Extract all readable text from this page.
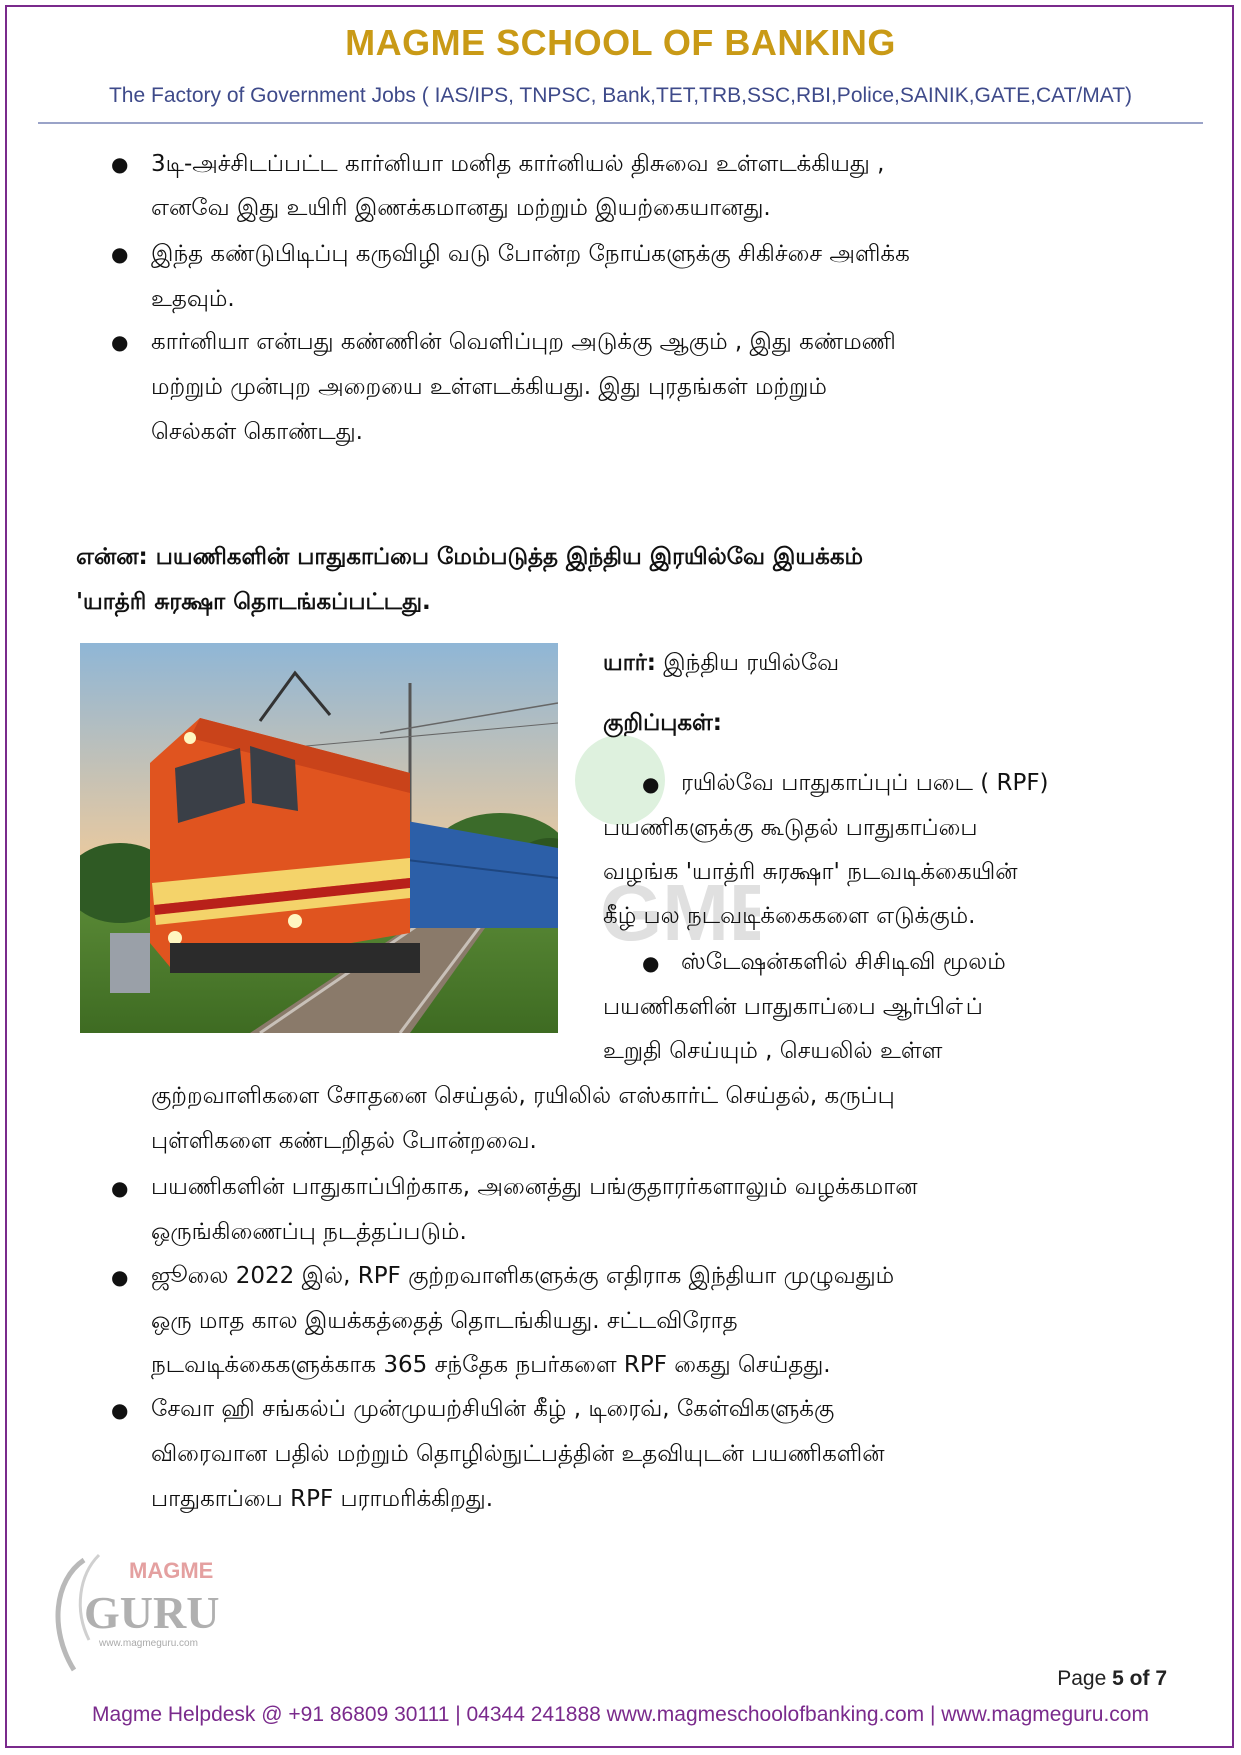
MAGME SCHOOL OF BANKING
The Factory of Government Jobs ( IAS/IPS, TNPSC, Bank,TET,TRB,SSC,RBI,Police,SAINIK,GATE,CAT/MAT)
● 3டி-அச்சிடப்பட்ட கார்னியா மனித கார்னியல் திசுவை உள்ளடக்கியது ,
எனவே இது உயிரி இணக்கமானது மற்றும் இயற்கையானது.
● இந்த கண்டுபிடிப்பு கருவிழி வடு போன்ற நோய்களுக்கு சிகிச்சை அளிக்க
உதவும்.
● கார்னியா என்பது கண்ணின் வெளிப்புற அடுக்கு ஆகும் , இது கண்மணி
மற்றும் முன்புற அறையை உள்ளடக்கியது. இது புரதங்கள் மற்றும்
செல்கள் கொண்டது.
என்ன: பயணிகளின் பாதுகாப்பை மேம்படுத்த இந்திய இரயில்வே இயக்கம்
'யாத்ரி சுரக்ஷா தொடங்கப்பட்டது.
GME
யார்: இந்திய ரயில்வே
குறிப்புகள்:
● ரயில்வே பாதுகாப்புப் படை ( RPF)
பயணிகளுக்கு கூடுதல் பாதுகாப்பை
வழங்க 'யாத்ரி சுரக்ஷா' நடவடிக்கையின்
கீழ் பல நடவடிக்கைகளை எடுக்கும்.
● ஸ்டேஷன்களில் சிசிடிவி மூலம்
பயணிகளின் பாதுகாப்பை ஆர்பிஎ்ப்
உறுதி செய்யும் , செயலில் உள்ள
குற்றவாளிகளை சோதனை செய்தல், ரயிலில் எஸ்கார்ட் செய்தல், கருப்பு
புள்ளிகளை கண்டறிதல் போன்றவை.
● பயணிகளின் பாதுகாப்பிற்காக, அனைத்து பங்குதாரர்களாலும் வழக்கமான
ஒருங்கிணைப்பு நடத்தப்படும்.
● ஜூலை 2022 இல், RPF குற்றவாளிகளுக்கு எதிராக இந்தியா முழுவதும்
ஒரு மாத கால இயக்கத்தைத் தொடங்கியது. சட்டவிரோத
நடவடிக்கைகளுக்காக 365 சந்தேக நபர்களை RPF கைது செய்தது.
● சேவா ஹி சங்கல்ப் முன்முயற்சியின் கீழ் , டிரைவ், கேள்விகளுக்கு
விரைவான பதில் மற்றும் தொழில்நுட்பத்தின் உதவியுடன் பயணிகளின்
பாதுகாப்பை RPF பராமரிக்கிறது.
MAGME
GURU
www.magmeguru.com
Page 5 of 7
Magme Helpdesk @ +91 86809 30111 | 04344 241888 www.magmeschoolofbanking.com | www.magmeguru.com
